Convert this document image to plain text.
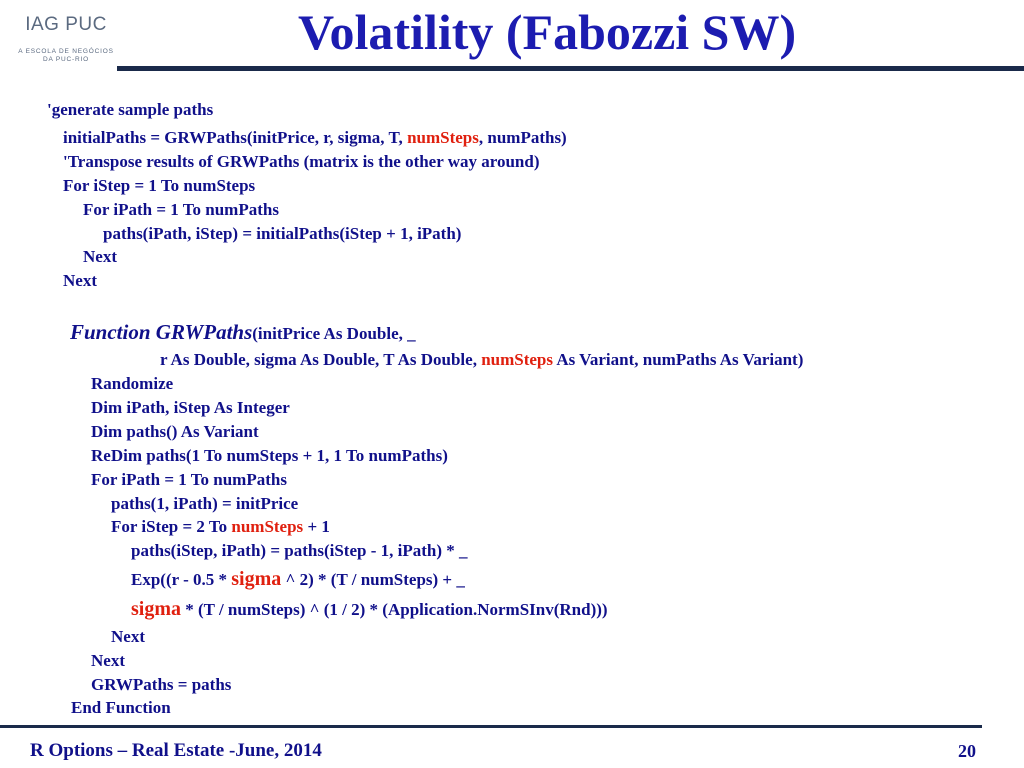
IAG PUC
A ESCOLA DE NEGÓCIOS
DA PUC-RIO	Volatility (Fabozzi SW)
'generate sample paths
initialPaths = GRWPaths(initPrice, r, sigma, T, numSteps, numPaths)
'Transpose results of GRWPaths (matrix is the other way around)
For iStep = 1 To numSteps
For iPath = 1 To numPaths
paths(iPath, iStep) = initialPaths(iStep + 1, iPath)
Next
Next
Function GRWPaths(initPrice As Double, _
r As Double, sigma As Double, T As Double, numSteps As Variant, numPaths As Variant)
Randomize
Dim iPath, iStep As Integer
Dim paths() As Variant
ReDim paths(1 To numSteps + 1, 1 To numPaths)
For iPath = 1 To numPaths
paths(1, iPath) = initPrice
For iStep = 2 To numSteps + 1
paths(iStep, iPath) = paths(iStep - 1, iPath) * _
Exp((r - 0.5 * sigma ^ 2) * (T / numSteps) + _
sigma * (T / numSteps) ^ (1 / 2) * (Application.NormSInv(Rnd)))
Next
Next
GRWPaths = paths
End Function
R Options – Real Estate -June, 2014	20
